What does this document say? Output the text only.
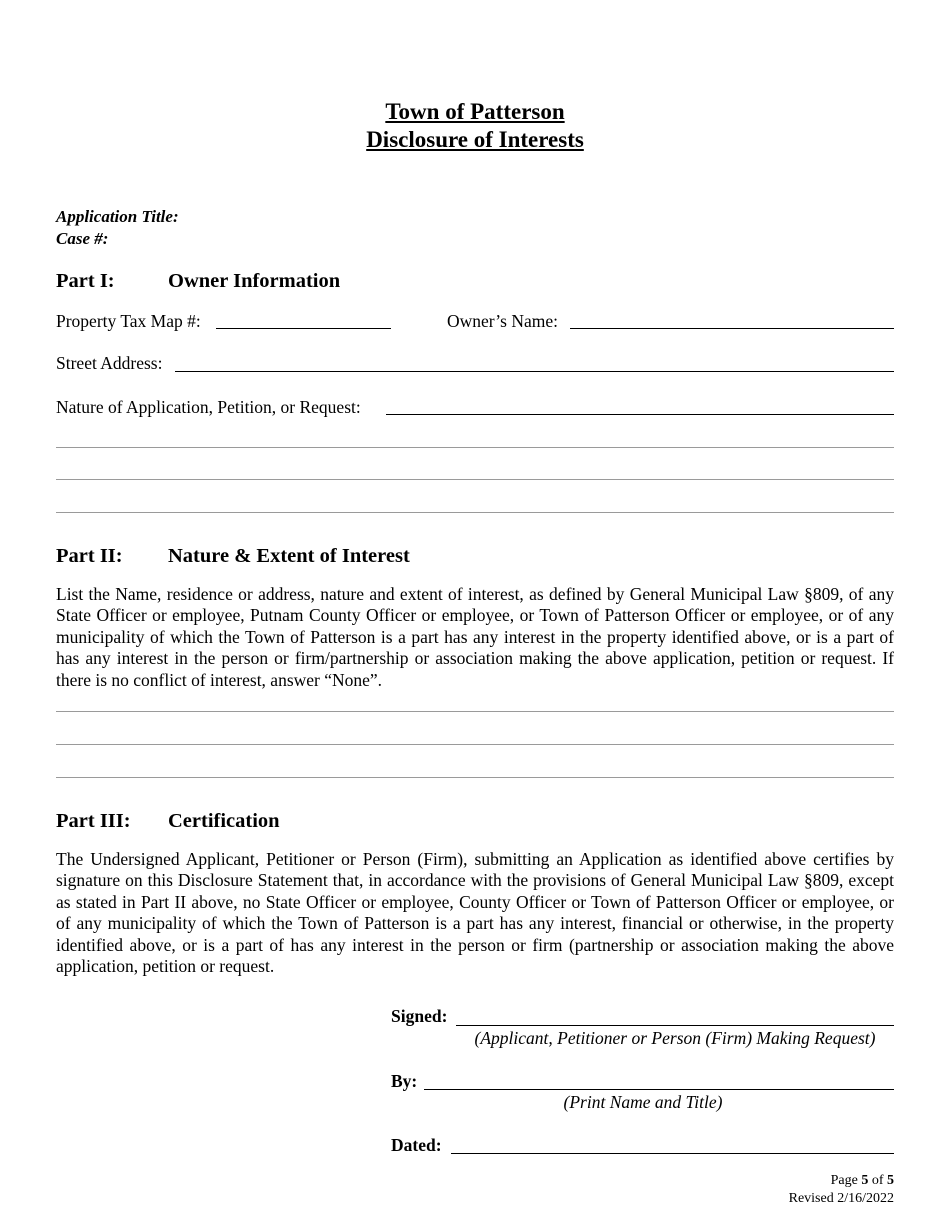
Town of Patterson
Disclosure of Interests
Application Title:
Case #:
Part I:	Owner Information
Property Tax Map #:	Owner’s Name:
Street Address:
Nature of Application, Petition, or Request:
Part II: Nature & Extent of Interest
List the Name, residence or address, nature and extent of interest, as defined by General Municipal Law §809, of any State Officer or employee, Putnam County Officer or employee, or Town of Patterson Officer or employee, or of any municipality of which the Town of Patterson is a part has any interest in the property identified above, or is a part of has any interest in the person or firm/partnership or association making the above application, petition or request. If there is no conflict of interest, answer “None”.
Part III: Certification
The Undersigned Applicant, Petitioner or Person (Firm), submitting an Application as identified above certifies by signature on this Disclosure Statement that, in accordance with the provisions of General Municipal Law §809, except as stated in Part II above, no State Officer or employee, County Officer or Town of Patterson Officer or employee, or of any municipality of which the Town of Patterson is a part has any interest, financial or otherwise, in the property identified above, or is a part of has any interest in the person or firm (partnership or association making the above application, petition or request.
Signed:
(Applicant, Petitioner or Person (Firm) Making Request)
By:
(Print Name and Title)
Dated:
Page 5 of 5
Revised 2/16/2022
